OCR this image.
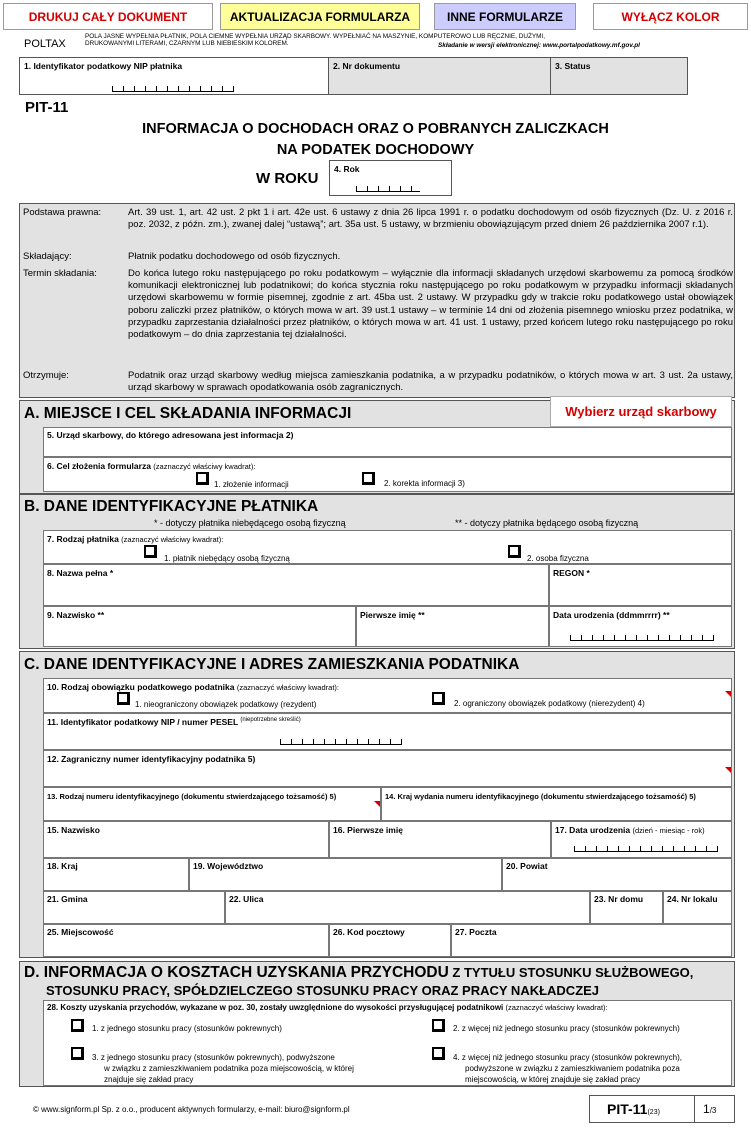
DRUKUJ CAŁY DOKUMENT	AKTUALIZACJA FORMULARZA	INNE FORMULARZE	WYŁĄCZ KOLOR
POLTAX
POLA JASNE WYPEŁNIA PŁATNIK, POLA CIEMNE WYPEŁNIA URZĄD SKARBOWY. WYPEŁNIAĆ NA MASZYNIE, KOMPUTEROWO LUB RĘCZNIE, DUŻYMI,
DRUKOWANYMI LITERAMI, CZARNYM LUB NIEBIESKIM KOLOREM.	Składanie w wersji elektronicznej: www.portalpodatkowy.mf.gov.pl
1. Identyfikator podatkowy NIP płatnika	2. Nr dokumentu	3. Status
PIT-11
INFORMACJA O DOCHODACH ORAZ O POBRANYCH ZALICZKACH
NA PODATEK DOCHODOWY
W ROKU
4. Rok
Podstawa prawna:	Art. 39 ust. 1, art. 42 ust. 2 pkt 1 i art. 42e ust. 6 ustawy z dnia 26 lipca 1991 r. o podatku dochodowym od osób fizycznych (Dz. U. z 2016 r. poz. 2032, z późn. zm.), zwanej dalej “ustawą”; art. 35a ust. 5 ustawy, w brzmieniu obowiązującym przed dniem 26 października 2007 r.1).
Składający:	Płatnik podatku dochodowego od osób fizycznych.
Termin składania:	Do końca lutego roku następującego po roku podatkowym – wyłącznie dla informacji składanych urzędowi skarbowemu za pomocą środków komunikacji elektronicznej lub podatnikowi; do końca stycznia roku następującego po roku podatkowym w przypadku informacji składanych urzędowi skarbowemu w formie pisemnej, zgodnie z art. 45ba ust. 2 ustawy. W przypadku gdy w trakcie roku podatkowego ustał obowiązek poboru zaliczki przez płatników, o których mowa w art. 39 ust.1 ustawy – w terminie 14 dni od złożenia pisemnego wniosku przez podatnika, w przypadku zaprzestania działalności przez płatników, o których mowa w art. 41 ust. 1 ustawy, przed końcem lutego roku następującego po roku podatkowym – do dnia zaprzestania tej działalności.
Otrzymuje:	Podatnik oraz urząd skarbowy według miejsca zamieszkania podatnika, a w przypadku podatników, o których mowa w art. 3 ust. 2a ustawy, urząd skarbowy w sprawach opodatkowania osób zagranicznych.
A. MIEJSCE I CEL SKŁADANIA INFORMACJI	Wybierz urząd skarbowy
5. Urząd skarbowy, do którego adresowana jest informacja 2)
6. Cel złożenia formularza (zaznaczyć właściwy kwadrat):
1. złożenie informacji	2. korekta informacji 3)
B. DANE IDENTYFIKACYJNE PŁATNIKA
* - dotyczy płatnika niebędącego osobą fizyczną	** - dotyczy płatnika będącego osobą fizyczną
7. Rodzaj płatnika (zaznaczyć właściwy kwadrat):
1. płatnik niebędący osobą fizyczną	2. osoba fizyczna
8. Nazwa pełna *	REGON *
9. Nazwisko **	Pierwsze imię **	Data urodzenia (ddmmrrrr) **
C. DANE IDENTYFIKACYJNE I ADRES ZAMIESZKANIA PODATNIKA
10. Rodzaj obowiązku podatkowego podatnika (zaznaczyć właściwy kwadrat):
1. nieograniczony obowiązek podatkowy (rezydent)	2. ograniczony obowiązek podatkowy (nierezydent) 4)
11. Identyfikator podatkowy NIP / numer PESEL $^{(niepotrzebne skreślić)}$
12. Zagraniczny numer identyfikacyjny podatnika 5)
13. Rodzaj numeru identyfikacyjnego (dokumentu stwierdzającego tożsamość) 5)	14. Kraj wydania numeru identyfikacyjnego (dokumentu stwierdzającego tożsamość) 5)
15. Nazwisko	16. Pierwsze imię	17. Data urodzenia (dzień - miesiąc - rok)
18. Kraj	19. Województwo	20. Powiat
21. Gmina	22. Ulica	23. Nr domu	24. Nr lokalu
25. Miejscowość	26. Kod pocztowy	27. Poczta
D. INFORMACJA O KOSZTACH UZYSKANIA PRZYCHODU Z TYTUŁU STOSUNKU SŁUŻBOWEGO,
STOSUNKU PRACY, SPÓŁDZIELCZEGO STOSUNKU PRACY ORAZ PRACY NAKŁADCZEJ
28. Koszty uzyskania przychodów, wykazane w poz. 30, zostały uwzględnione do wysokości przysługującej podatnikowi (zaznaczyć właściwy kwadrat):
1. z jednego stosunku pracy (stosunków pokrewnych)	2. z więcej niż jednego stosunku pracy (stosunków pokrewnych)
3. z jednego stosunku pracy (stosunków pokrewnych), podwyższone
w związku z zamieszkiwaniem podatnika poza miejscowością, w której
znajduje się zakład pracy
4. z więcej niż jednego stosunku pracy (stosunków pokrewnych),
podwyższone w związku z zamieszkiwaniem podatnika poza
miejscowością, w której znajduje się zakład pracy
© www.signform.pl Sp. z o.o., producent aktywnych formularzy, e-mail: biuro@signform.pl	PIT-11(23)	1/3
